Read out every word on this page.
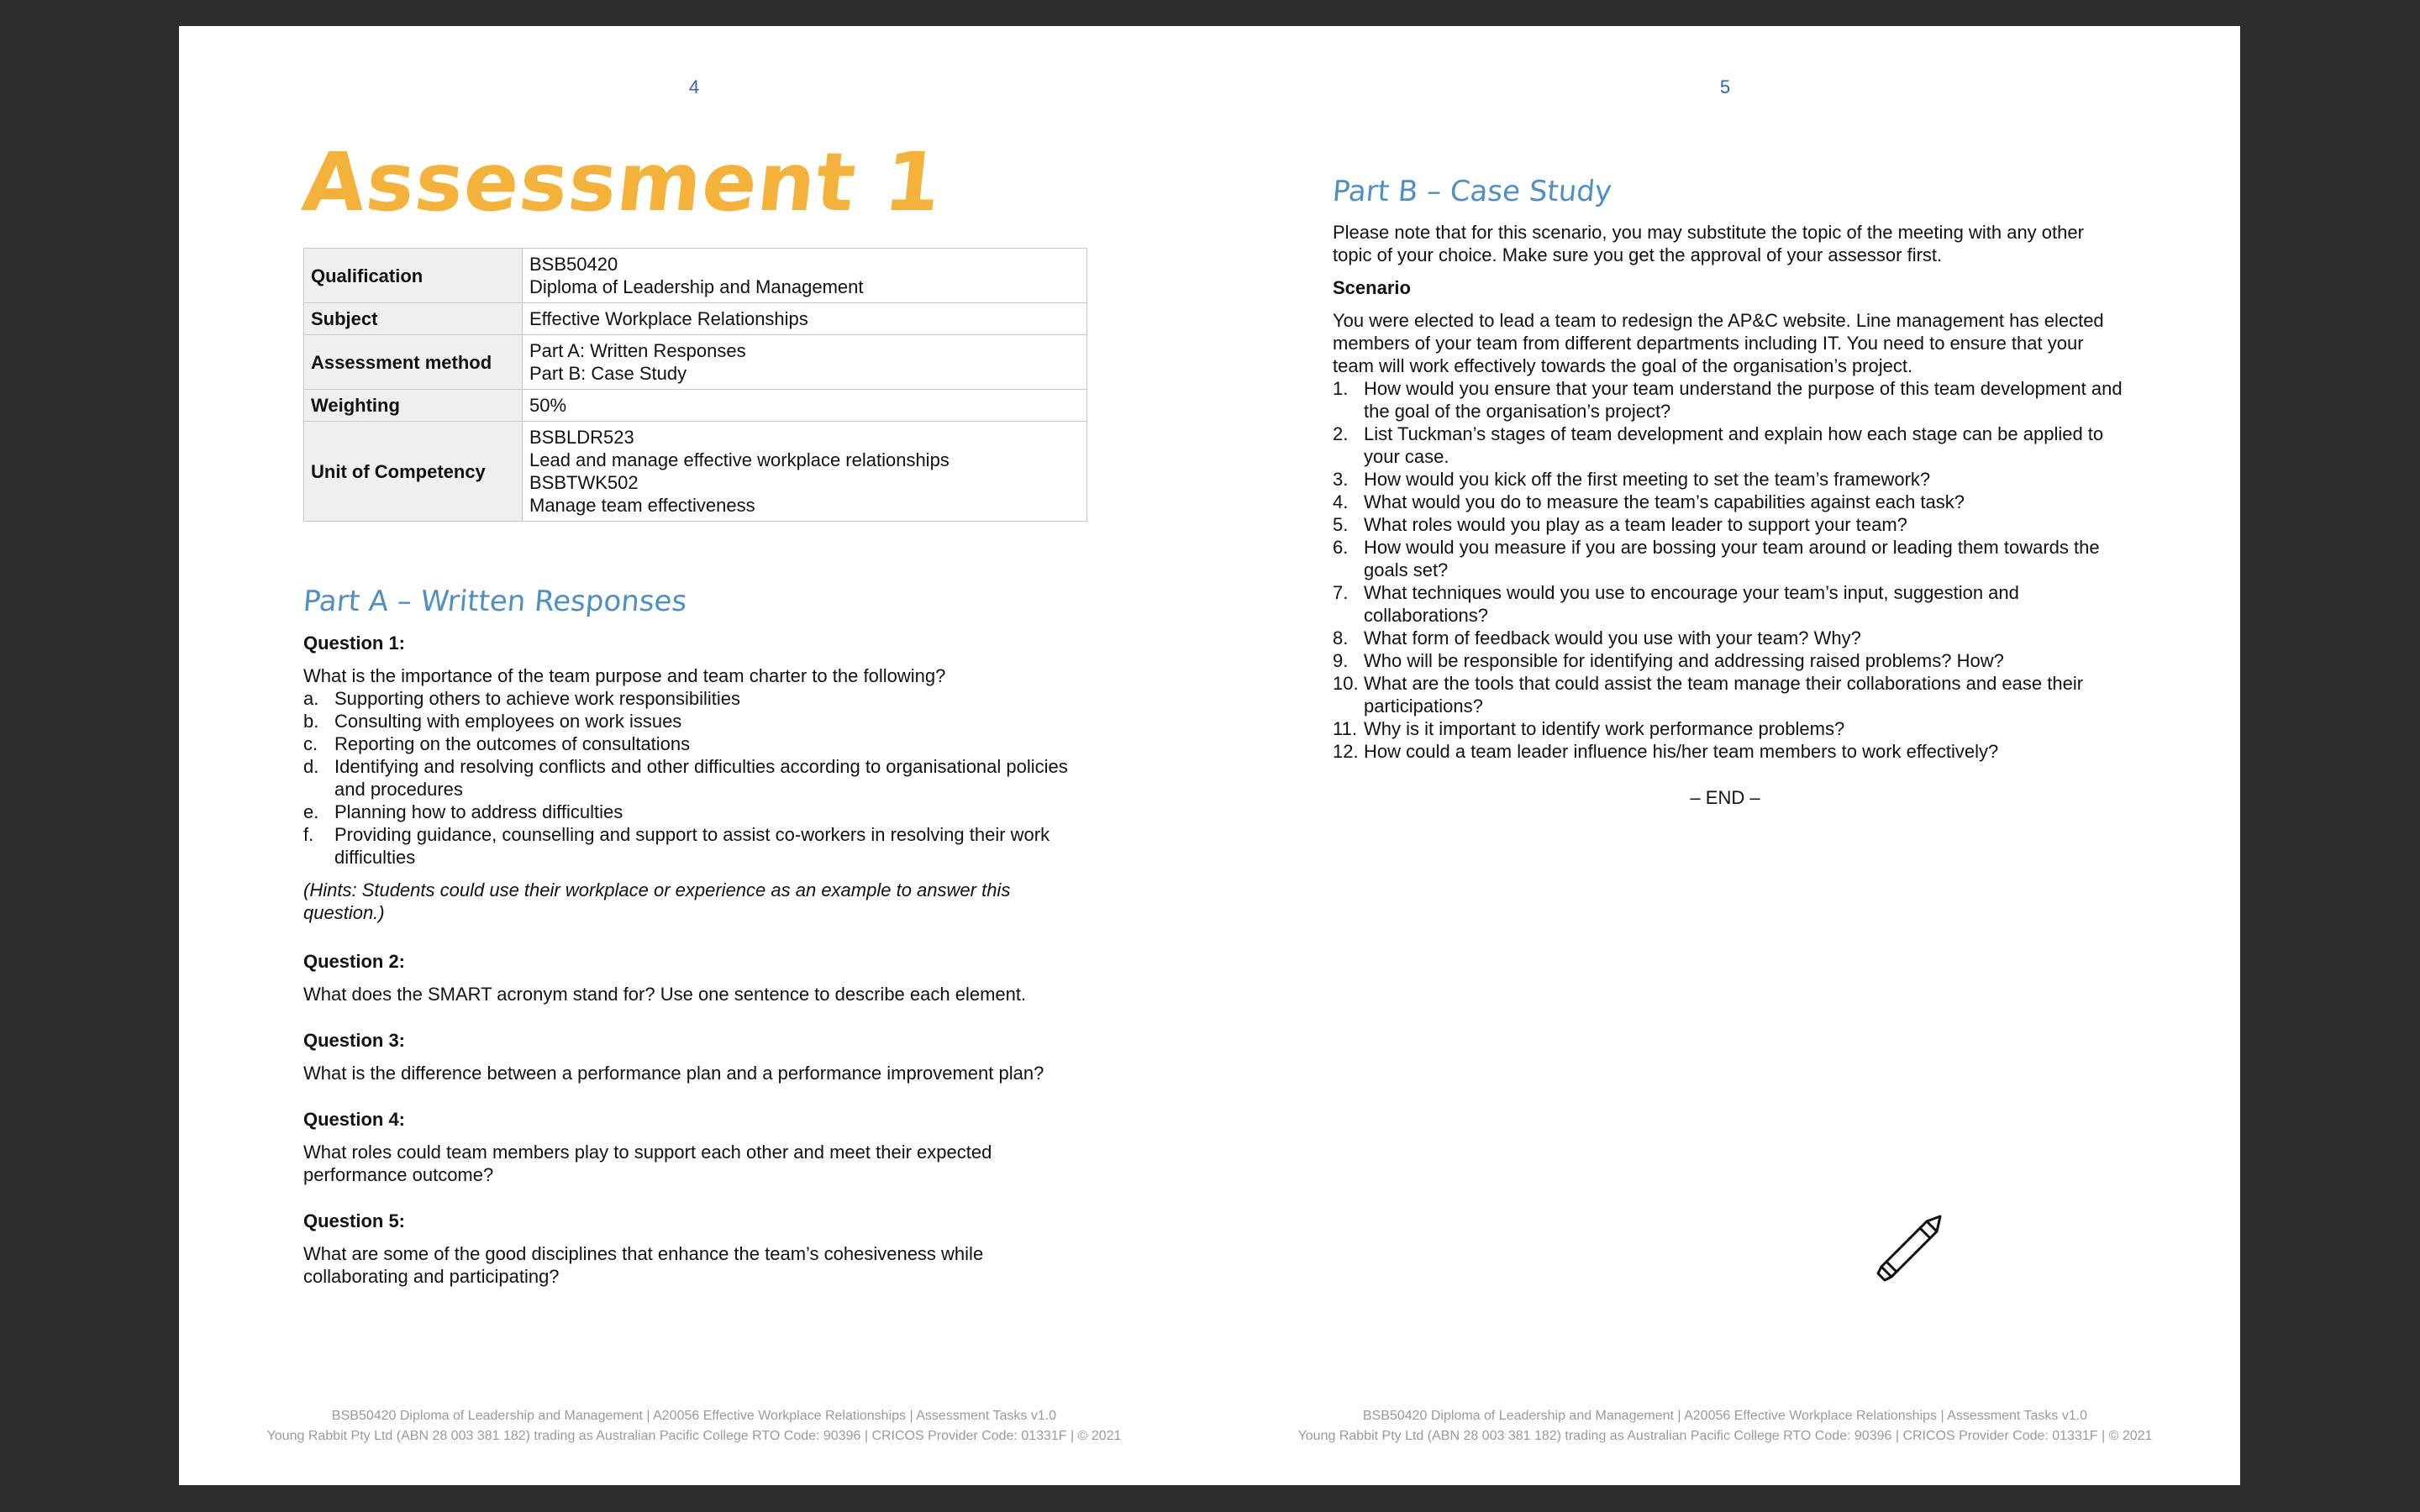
4
Assessment 1
Qualification	BSB50420
Diploma of Leadership and Management

Subject	Effective Workplace Relationships

Assessment method	Part A: Written Responses
Part B: Case Study

Weighting	50%

Unit of Competency	BSBLDR523
Lead and manage effective workplace relationships
BSBTWK502
Manage team effectiveness
Part A – Written Responses
Question 1:
What is the importance of the team purpose and team charter to the following?
a. Supporting others to achieve work responsibilities
b. Consulting with employees on work issues
c. Reporting on the outcomes of consultations
d. Identifying and resolving conflicts and other difficulties according to organisational policies and procedures
e. Planning how to address difficulties
f. Providing guidance, counselling and support to assist co-workers in resolving their work difficulties
(Hints: Students could use their workplace or experience as an example to answer this question.)
Question 2:
What does the SMART acronym stand for? Use one sentence to describe each element.
Question 3:
What is the difference between a performance plan and a performance improvement plan?
Question 4:
What roles could team members play to support each other and meet their expected performance outcome?
Question 5:
What are some of the good disciplines that enhance the team’s cohesiveness while collaborating and participating?
BSB50420 Diploma of Leadership and Management | A20056 Effective Workplace Relationships | Assessment Tasks v1.0
Young Rabbit Pty Ltd (ABN 28 003 381 182) trading as Australian Pacific College RTO Code: 90396 | CRICOS Provider Code: 01331F | © 2021
5
Part B – Case Study
Please note that for this scenario, you may substitute the topic of the meeting with any other topic of your choice. Make sure you get the approval of your assessor first.
Scenario
You were elected to lead a team to redesign the AP&C website. Line management has elected members of your team from different departments including IT. You need to ensure that your team will work effectively towards the goal of the organisation’s project.
1. How would you ensure that your team understand the purpose of this team development and the goal of the organisation’s project?
2. List Tuckman’s stages of team development and explain how each stage can be applied to your case.
3. How would you kick off the first meeting to set the team’s framework?
4. What would you do to measure the team’s capabilities against each task?
5. What roles would you play as a team leader to support your team?
6. How would you measure if you are bossing your team around or leading them towards the goals set?
7. What techniques would you use to encourage your team’s input, suggestion and collaborations?
8. What form of feedback would you use with your team? Why?
9. Who will be responsible for identifying and addressing raised problems? How?
10. What are the tools that could assist the team manage their collaborations and ease their participations?
11. Why is it important to identify work performance problems?
12. How could a team leader influence his/her team members to work effectively?
– END –
BSB50420 Diploma of Leadership and Management | A20056 Effective Workplace Relationships | Assessment Tasks v1.0
Young Rabbit Pty Ltd (ABN 28 003 381 182) trading as Australian Pacific College RTO Code: 90396 | CRICOS Provider Code: 01331F | © 2021
